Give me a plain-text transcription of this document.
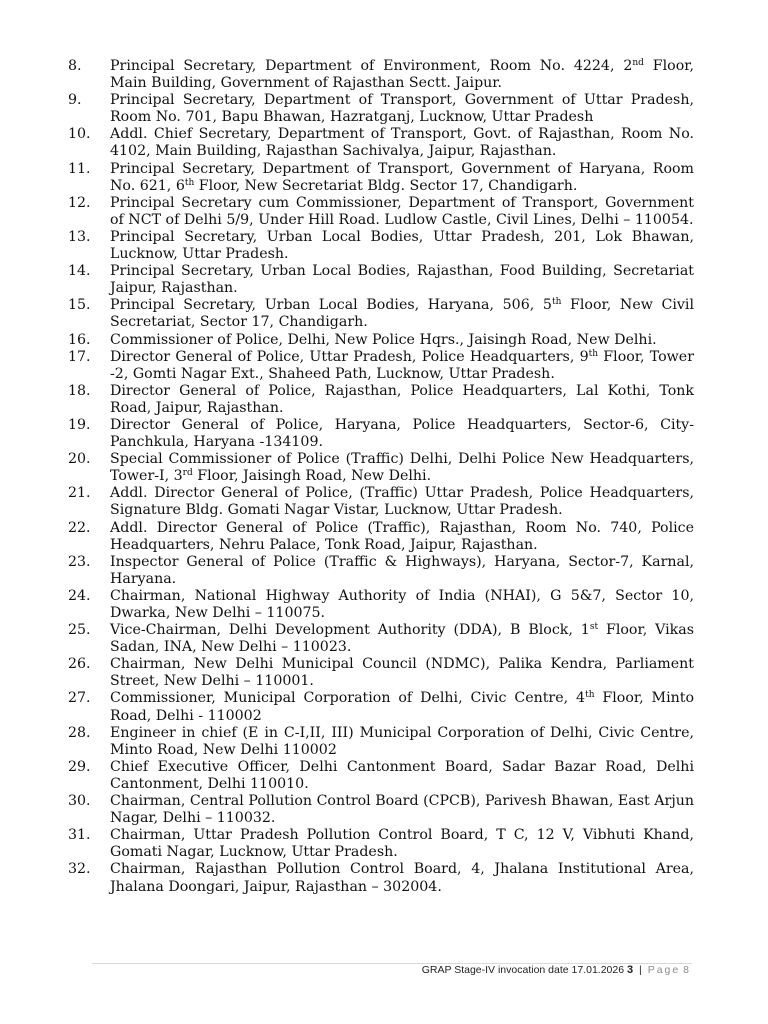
8.	Principal Secretary, Department of Environment, Room No. 4224, 2nd Floor, Main Building, Government of Rajasthan Sectt. Jaipur.
9.	Principal Secretary, Department of Transport, Government of Uttar Pradesh, Room No. 701, Bapu Bhawan, Hazratganj, Lucknow, Uttar Pradesh
10.	Addl. Chief Secretary, Department of Transport, Govt. of Rajasthan, Room No. 4102, Main Building, Rajasthan Sachivalya, Jaipur, Rajasthan.
11.	Principal Secretary, Department of Transport, Government of Haryana, Room No. 621, 6th Floor, New Secretariat Bldg. Sector 17, Chandigarh.
12.	Principal Secretary cum Commissioner, Department of Transport, Government of NCT of Delhi 5/9, Under Hill Road. Ludlow Castle, Civil Lines, Delhi – 110054.
13.	Principal Secretary, Urban Local Bodies, Uttar Pradesh, 201, Lok Bhawan, Lucknow, Uttar Pradesh.
14.	Principal Secretary, Urban Local Bodies, Rajasthan, Food Building, Secretariat Jaipur, Rajasthan.
15.	Principal Secretary, Urban Local Bodies, Haryana, 506, 5th Floor, New Civil Secretariat, Sector 17, Chandigarh.
16.	Commissioner of Police, Delhi, New Police Hqrs., Jaisingh Road, New Delhi.
17.	Director General of Police, Uttar Pradesh, Police Headquarters, 9th Floor, Tower -2, Gomti Nagar Ext., Shaheed Path, Lucknow, Uttar Pradesh.
18.	Director General of Police, Rajasthan, Police Headquarters, Lal Kothi, Tonk Road, Jaipur, Rajasthan.
19.	Director General of Police, Haryana, Police Headquarters, Sector-6, City-Panchkula, Haryana -134109.
20.	Special Commissioner of Police (Traffic) Delhi, Delhi Police New Headquarters, Tower-I, 3rd Floor, Jaisingh Road, New Delhi.
21.	Addl. Director General of Police, (Traffic) Uttar Pradesh, Police Headquarters, Signature Bldg. Gomati Nagar Vistar, Lucknow, Uttar Pradesh.
22.	Addl. Director General of Police (Traffic), Rajasthan, Room No. 740, Police Headquarters, Nehru Palace, Tonk Road, Jaipur, Rajasthan.
23.	Inspector General of Police (Traffic & Highways), Haryana, Sector-7, Karnal, Haryana.
24.	Chairman, National Highway Authority of India (NHAI), G 5&7, Sector 10, Dwarka, New Delhi – 110075.
25.	Vice-Chairman, Delhi Development Authority (DDA), B Block, 1st Floor, Vikas Sadan, INA, New Delhi – 110023.
26.	Chairman, New Delhi Municipal Council (NDMC), Palika Kendra, Parliament Street, New Delhi – 110001.
27.	Commissioner, Municipal Corporation of Delhi, Civic Centre, 4th Floor, Minto Road, Delhi - 110002
28.	Engineer in chief (E in C-I,II, III) Municipal Corporation of Delhi, Civic Centre, Minto Road, New Delhi 110002
29.	Chief Executive Officer, Delhi Cantonment Board, Sadar Bazar Road, Delhi Cantonment, Delhi 110010.
30.	Chairman, Central Pollution Control Board (CPCB), Parivesh Bhawan, East Arjun Nagar, Delhi – 110032.
31.	Chairman, Uttar Pradesh Pollution Control Board, T C, 12 V, Vibhuti Khand, Gomati Nagar, Lucknow, Uttar Pradesh.
32.	Chairman, Rajasthan Pollution Control Board, 4, Jhalana Institutional Area, Jhalana Doongari, Jaipur, Rajasthan – 302004.
GRAP Stage-IV invocation date 17.01.2026 3 | Page 8
